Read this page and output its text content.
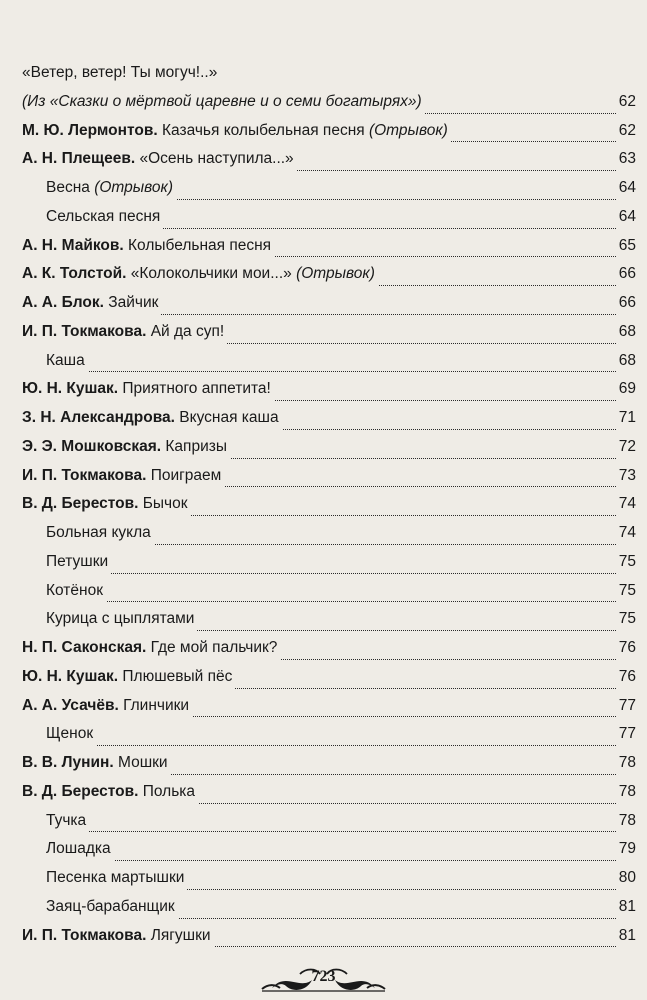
«Ветер, ветер! Ты могуч!..»
(Из «Сказки о мёртвой царевне и о семи богатырях»)	62
М. Ю. Лермонтов. Казачья колыбельная песня (Отрывок)	62
А. Н. Плещеев. «Осень наступила...»	63
Весна (Отрывок)	64
Сельская песня	64
А. Н. Майков. Колыбельная песня	65
А. К. Толстой. «Колокольчики мои...» (Отрывок)	66
А. А. Блок. Зайчик	66
И. П. Токмакова. Ай да суп!	68
Каша	68
Ю. Н. Кушак. Приятного аппетита!	69
З. Н. Александрова. Вкусная каша	71
Э. Э. Мошковская. Капризы	72
И. П. Токмакова. Поиграем	73
В. Д. Берестов. Бычок	74
Больная кукла	74
Петушки	75
Котёнок	75
Курица с цыплятами	75
Н. П. Саконская. Где мой пальчик?	76
Ю. Н. Кушак. Плюшевый пёс	76
А. А. Усачёв. Глинчики	77
Щенок	77
В. В. Лунин. Мошки	78
В. Д. Берестов. Полька	78
Тучка	78
Лошадка	79
Песенка мартышки	80
Заяц-барабанщик	81
И. П. Токмакова. Лягушки	81
723
